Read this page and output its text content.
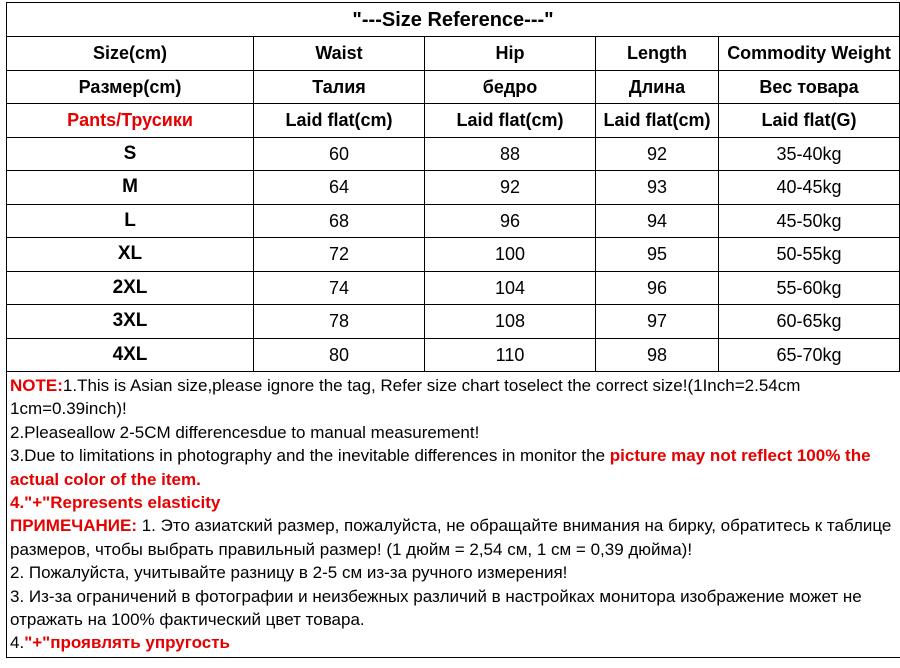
"---Size Reference---"				
Size(cm)	Waist	Hip	Length	Commodity Weight
Размер(cm)	Талия	бедро	Длина	Вес товара
Pants/Трусики	Laid flat(cm)	Laid flat(cm)	Laid flat(cm)	Laid flat(G)
S	60	88	92	35-40kg
M	64	92	93	40-45kg
L	68	96	94	45-50kg
XL	72	100	95	50-55kg
2XL	74	104	96	55-60kg
3XL	78	108	97	60-65kg
4XL	80	110	98	65-70kg

NOTE:1.This is Asian size,please ignore the tag, Refer size chart toselect the correct size!(1Inch=2.54cm 1cm=0.39inch)!

2.Pleaseallow 2-5CM differencesdue to manual measurement!

3.Due to limitations in photography and the inevitable differences in monitor the picture may not reflect 100% the actual color of the item.

4."+"Represents elasticity

ПРИМЕЧАНИЕ: 1. Это азиатский размер, пожалуйста, не обращайте внимания на бирку, обратитесь к таблице размеров, чтобы выбрать правильный размер! (1 дюйм = 2,54 см, 1 см = 0,39 дюйма)!

2. Пожалуйста, учитывайте разницу в 2-5 см из-за ручного измерения!

3. Из-за ограничений в фотографии и неизбежных различий в настройках монитора изображение может не отражать на 100% фактический цвет товара.

4."+"проявлять упругость
